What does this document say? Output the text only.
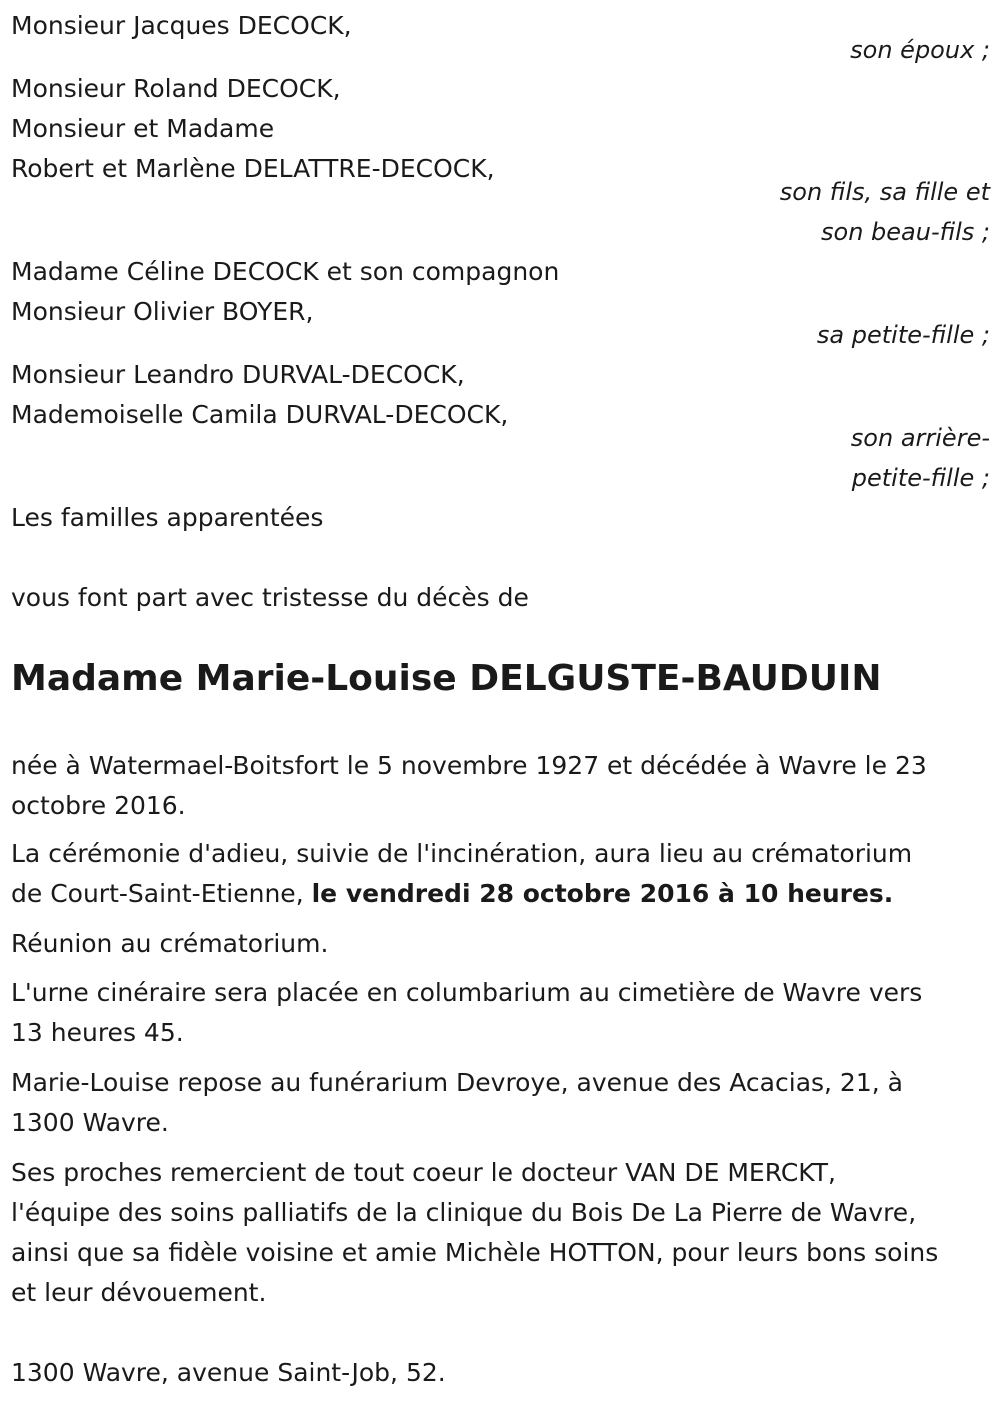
Monsieur Jacques DECOCK,
son époux ;
Monsieur Roland DECOCK,
Monsieur et Madame
Robert et Marlène DELATTRE-DECOCK,
son fils, sa fille et
son beau-fils ;
Madame Céline DECOCK et son compagnon
Monsieur Olivier BOYER,
sa petite-fille ;
Monsieur Leandro DURVAL-DECOCK,
Mademoiselle Camila DURVAL-DECOCK,
son arrière-
petite-fille ;
Les familles apparentées
vous font part avec tristesse du décès de
Madame Marie-Louise DELGUSTE-BAUDUIN
née à Watermael-Boitsfort le 5 novembre 1927 et décédée à Wavre le 23
octobre 2016.
La cérémonie d'adieu, suivie de l'incinération, aura lieu au crématorium
de Court-Saint-Etienne, le vendredi 28 octobre 2016 à 10 heures.
Réunion au crématorium.
L'urne cinéraire sera placée en columbarium au cimetière de Wavre vers
13 heures 45.
Marie-Louise repose au funérarium Devroye, avenue des Acacias, 21, à
1300 Wavre.
Ses proches remercient de tout coeur le docteur VAN DE MERCKT,
l'équipe des soins palliatifs de la clinique du Bois De La Pierre de Wavre,
ainsi que sa fidèle voisine et amie Michèle HOTTON, pour leurs bons soins
et leur dévouement.
1300 Wavre, avenue Saint-Job, 52.
